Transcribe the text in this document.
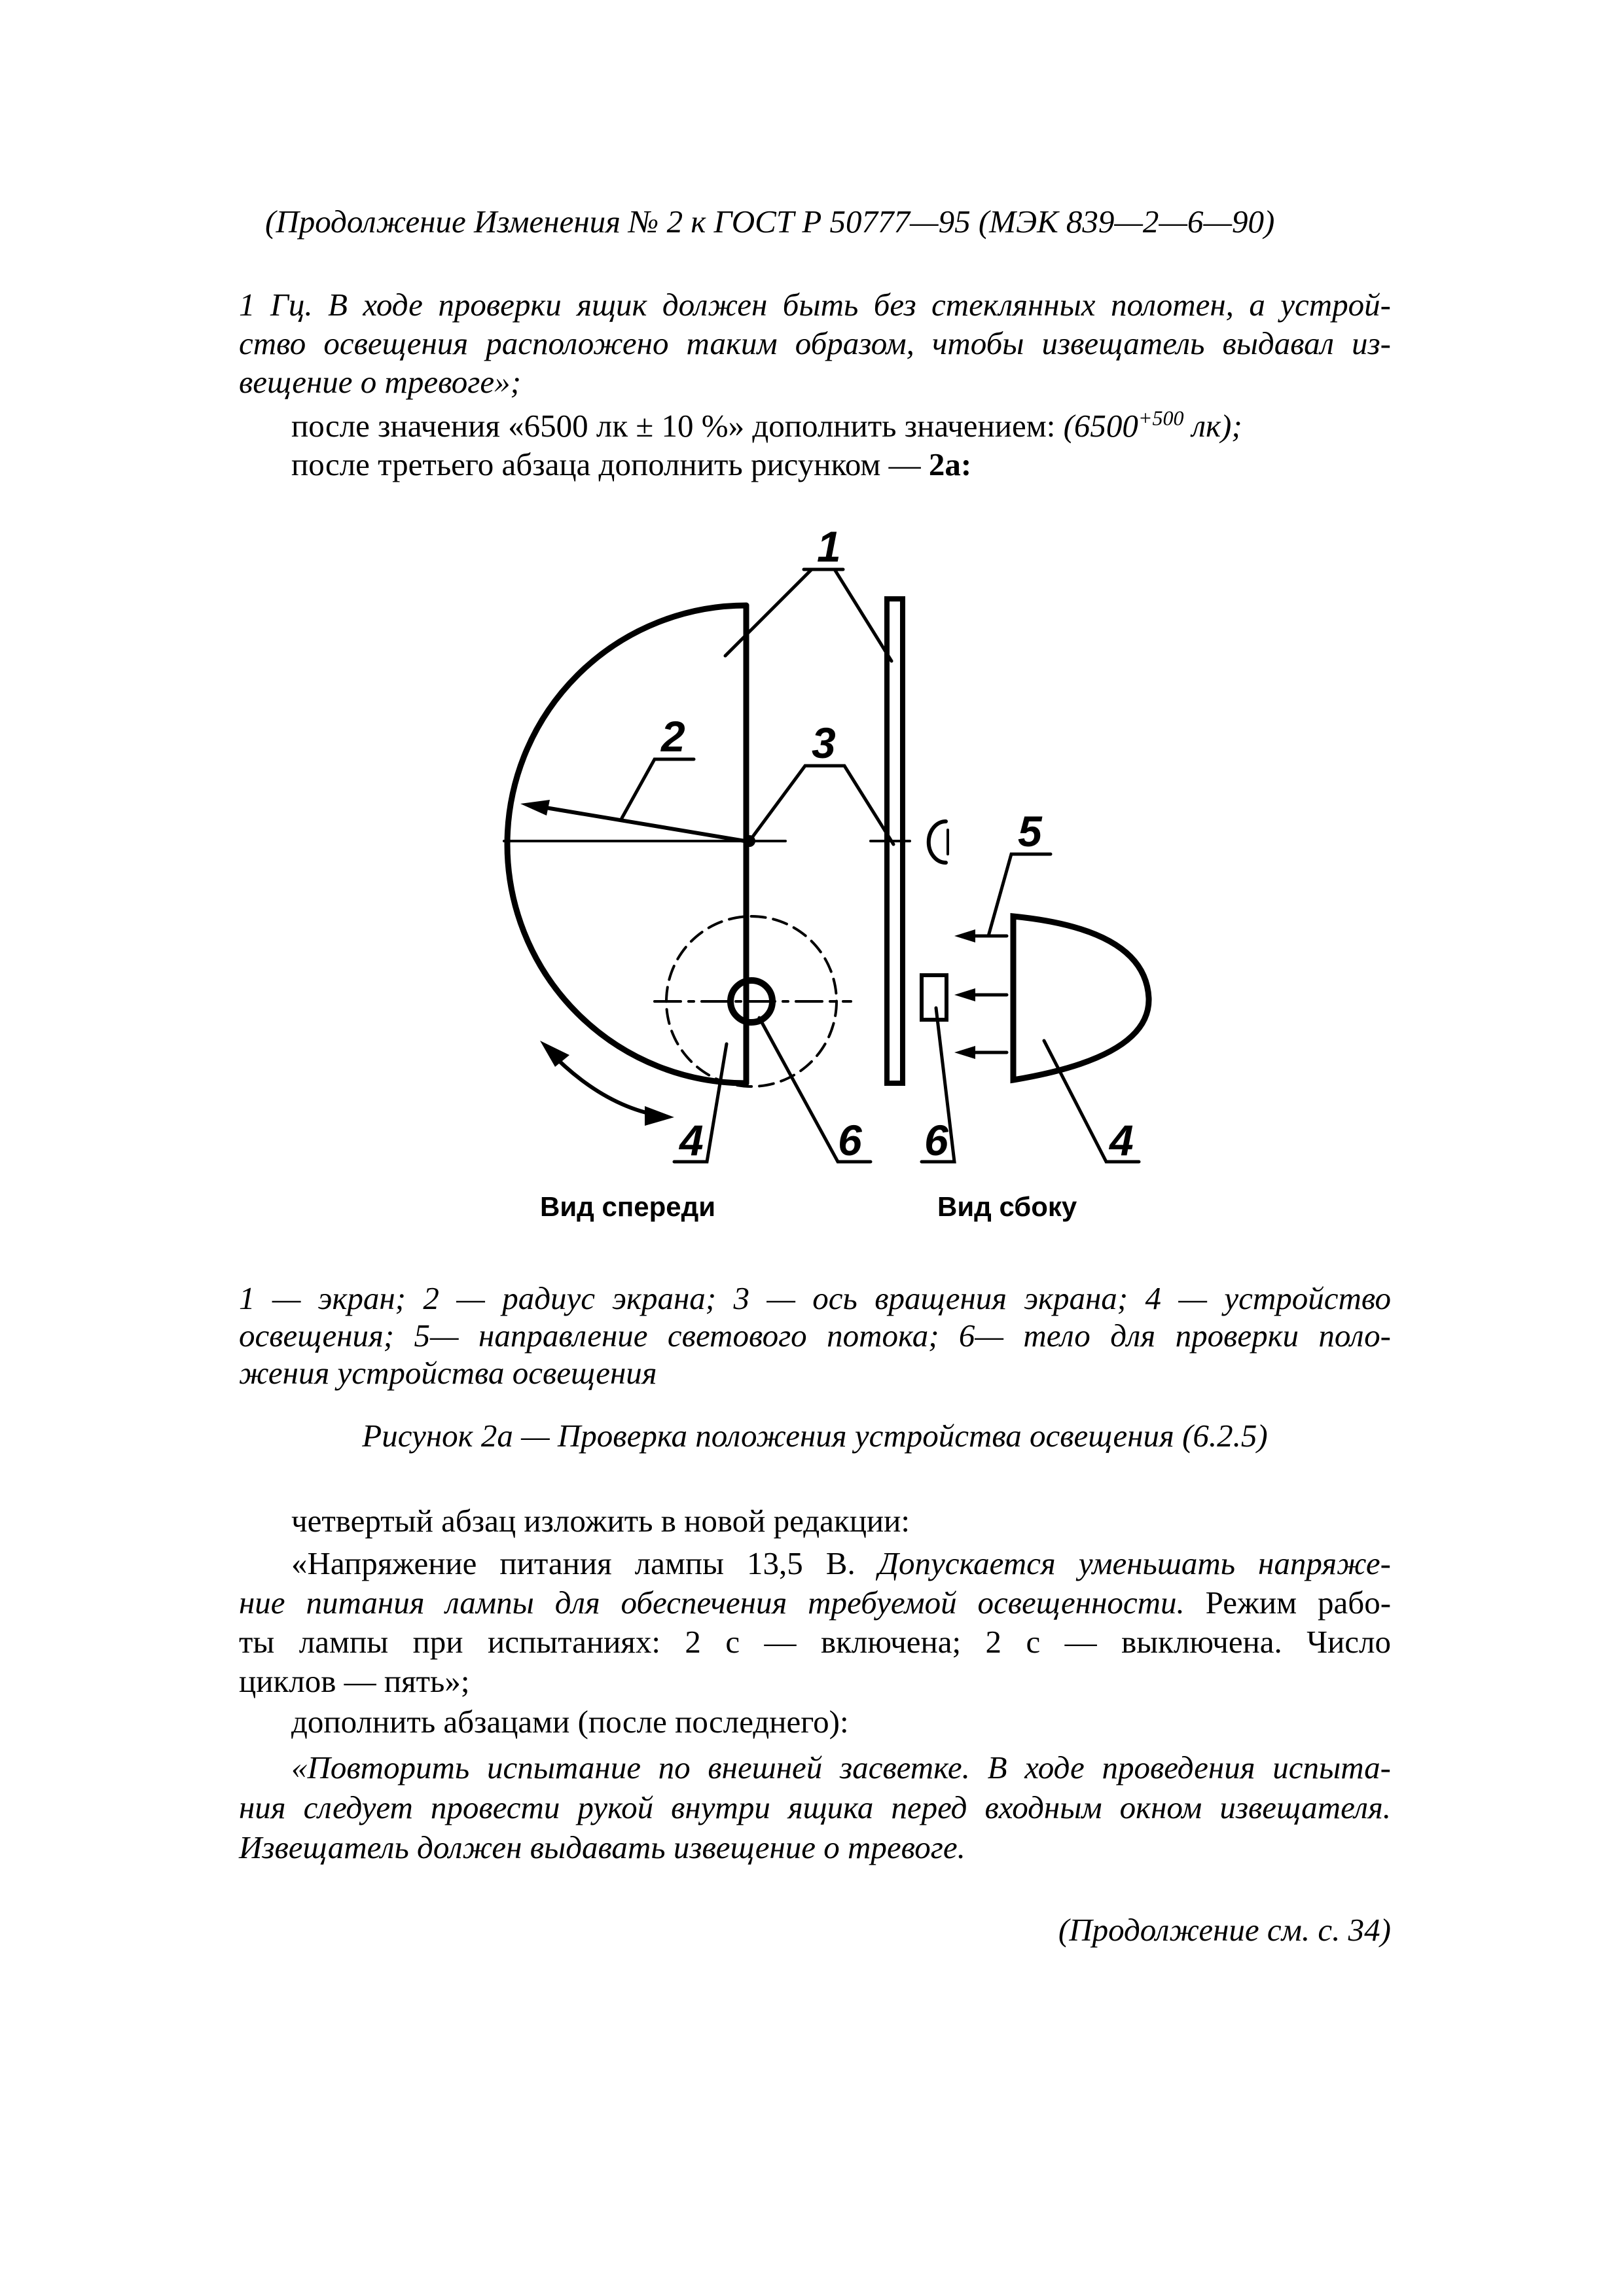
(Продолжение Изменения № 2 к ГОСТ Р 50777—95 (МЭК 839—2—6—90)
1 Гц. В ходе проверки ящик должен быть без стеклянных полотен, а устрой-
ство освещения расположено таким образом, чтобы извещатель выдавал из-
вещение о тревоге»;
после значения «6500 лк ± 10 %» дополнить значением: ($6500^{+500}$ лк);
после третьего абзаца дополнить рисунком — 2а:
1
2	3
5
4	6 6	4
Вид спереди	Вид сбоку
1 — экран; 2 — радиус экрана; 3 — ось вращения экрана; 4 — устройство
освещения; 5— направление светового потока; 6— тело для проверки поло-
жения устройства освещения
Рисунок 2а — Проверка положения устройства освещения (6.2.5)
четвертый абзац изложить в новой редакции:
«Напряжение питания лампы 13,5 В. Допускается уменьшать напряже-
ние питания лампы для обеспечения требуемой освещенности. Режим рабо-
ты лампы при испытаниях: 2 с — включена; 2 с — выключена. Число
циклов — пять»;
дополнить абзацами (после последнего):
«Повторить испытание по внешней засветке. В ходе проведения испыта-
ния следует провести рукой внутри ящика перед входным окном извещателя.
Извещатель должен выдавать извещение о тревоге.
(Продолжение см. с. 34)
